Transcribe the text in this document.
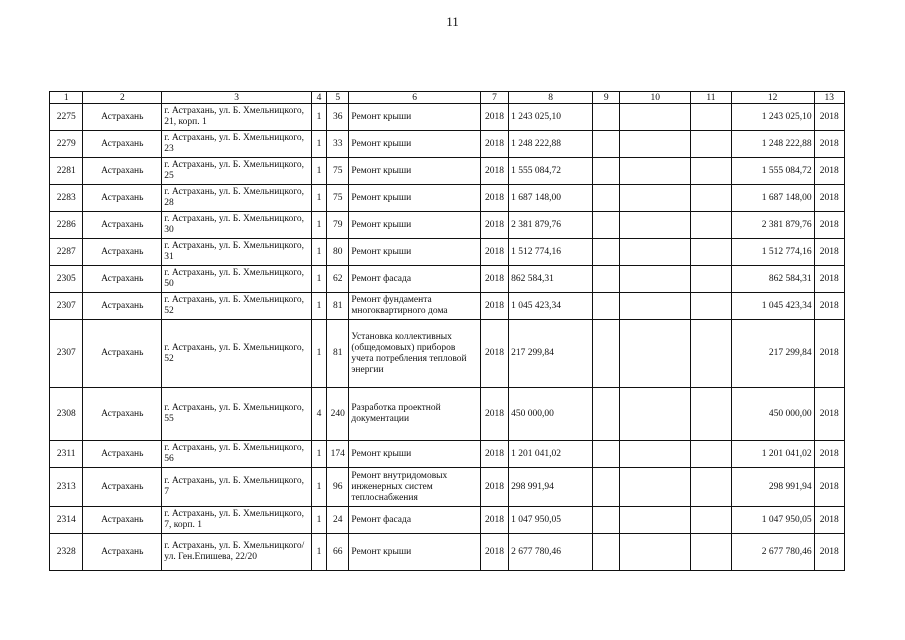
11
1	2	3	4	5	6	7	8	9	10	11	12	13
2275	Астрахань	г. Астрахань, ул. Б. Хмельницкого, 21, корп. 1	1	36	Ремонт крыши	2018	1 243 025,10				1 243 025,10	2018
2279	Астрахань	г. Астрахань, ул. Б. Хмельницкого, 23	1	33	Ремонт крыши	2018	1 248 222,88				1 248 222,88	2018
2281	Астрахань	г. Астрахань, ул. Б. Хмельницкого, 25	1	75	Ремонт крыши	2018	1 555 084,72				1 555 084,72	2018
2283	Астрахань	г. Астрахань, ул. Б. Хмельницкого, 28	1	75	Ремонт крыши	2018	1 687 148,00				1 687 148,00	2018
2286	Астрахань	г. Астрахань, ул. Б. Хмельницкого, 30	1	79	Ремонт крыши	2018	2 381 879,76				2 381 879,76	2018
2287	Астрахань	г. Астрахань, ул. Б. Хмельницкого, 31	1	80	Ремонт крыши	2018	1 512 774,16				1 512 774,16	2018
2305	Астрахань	г. Астрахань, ул. Б. Хмельницкого, 50	1	62	Ремонт фасада	2018	862 584,31				862 584,31	2018
2307	Астрахань	г. Астрахань, ул. Б. Хмельницкого, 52	1	81	Ремонт фундамента многоквартирного дома	2018	1 045 423,34				1 045 423,34	2018
2307	Астрахань	г. Астрахань, ул. Б. Хмельницкого, 52	1	81	Установка коллективных (общедомовых) приборов учета потребления тепловой энергии	2018	217 299,84				217 299,84	2018
2308	Астрахань	г. Астрахань, ул. Б. Хмельницкого, 55	4	240	Разработка проектной документации	2018	450 000,00				450 000,00	2018
2311	Астрахань	г. Астрахань, ул. Б. Хмельницкого, 56	1	174	Ремонт крыши	2018	1 201 041,02				1 201 041,02	2018
2313	Астрахань	г. Астрахань, ул. Б. Хмельницкого, 7	1	96	Ремонт внутридомовых инженерных систем теплоснабжения	2018	298 991,94				298 991,94	2018
2314	Астрахань	г. Астрахань, ул. Б. Хмельницкого, 7, корп. 1	1	24	Ремонт фасада	2018	1 047 950,05				1 047 950,05	2018
2328	Астрахань	г. Астрахань, ул. Б. Хмельницкого/ ул. Ген.Епишева, 22/20	1	66	Ремонт крыши	2018	2 677 780,46				2 677 780,46	2018
